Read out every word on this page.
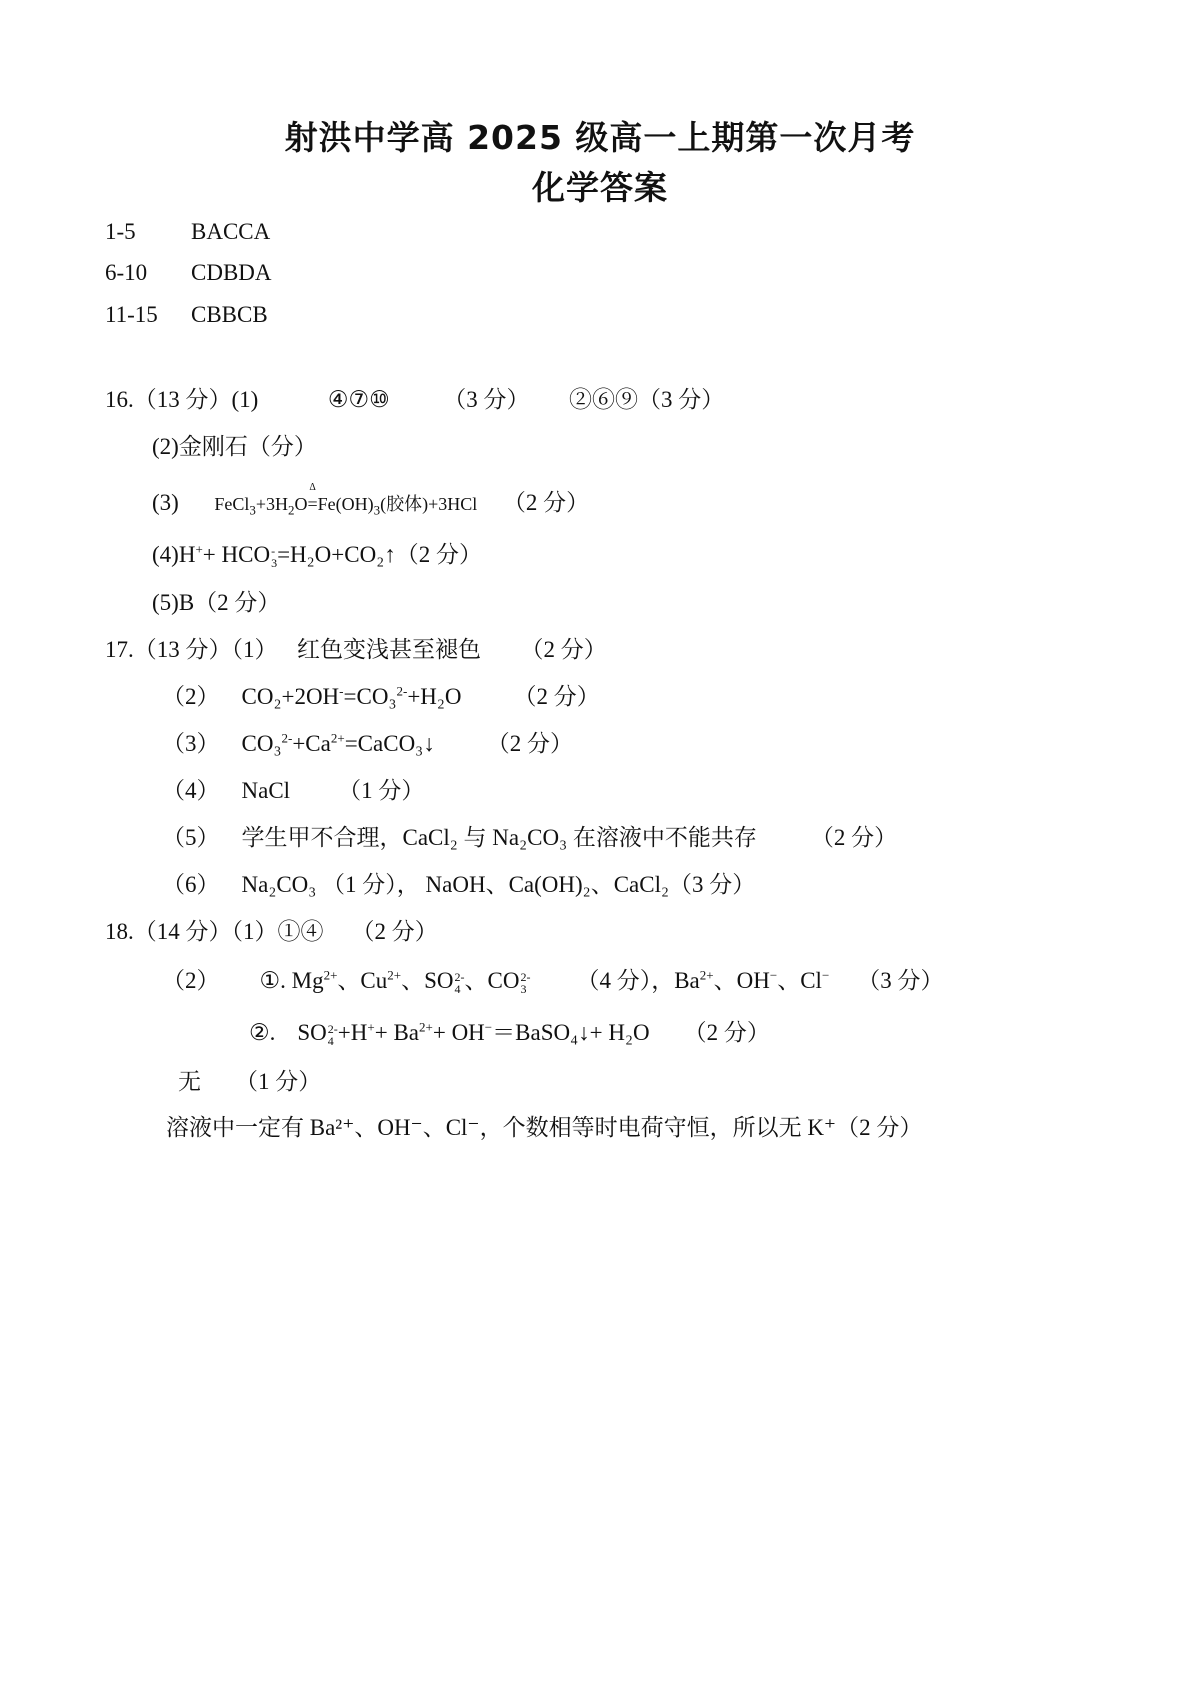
射洪中学高 2025 级高一上期第一次月考
化学答案
1-5 BACCA
6-10 CDBDA
11-15 CBBCB
16.（13 分）(1)	④⑦⑩ （3 分） ②⑥⑨（3 分）
(2)金刚石（分）
(3) $FeCl_3+3H_2O$
Δ
$=Fe(OH)_3$(胶体)+3HCl （2 分）
(4)H++ HCO -
3 =H₂O+CO₂↑（2 分）
(5)B（2 分）
17.（13 分）（1） 红色变浅甚至褪色 （2 分）
（2） CO₂+2OH-=CO₃$^{2-}$+H₂O （2 分）
（3） $CO_3^{2-}+Ca^{2+}=CaCO_3↓$ （2 分）
（4） NaCl （1 分）
（5） 学生甲不合理，CaCl₂ 与 Na₂CO₃ 在溶液中不能共存 （2 分）
（6） Na₂CO₃ （1 分）， NaOH、Ca(OH)₂、CaCl₂（3 分）
18.（14 分）（1）①④ （2 分）
（2） ①. $Mg^{2+}$、$Cu^{2+}$、SO 2-
4 、CO 2-
3 （4 分），$Ba^{2+}$、OH−、Cl− （3 分）
②. SO 2-
$4 +H^++ Ba^{2+}+$ OH−＝BaSO₄↓+ H₂O （2 分）
无 （1 分）
溶液中一定有 Ba²⁺、OH⁻、Cl⁻，个数相等时电荷守恒，所以无 K⁺（2 分）
